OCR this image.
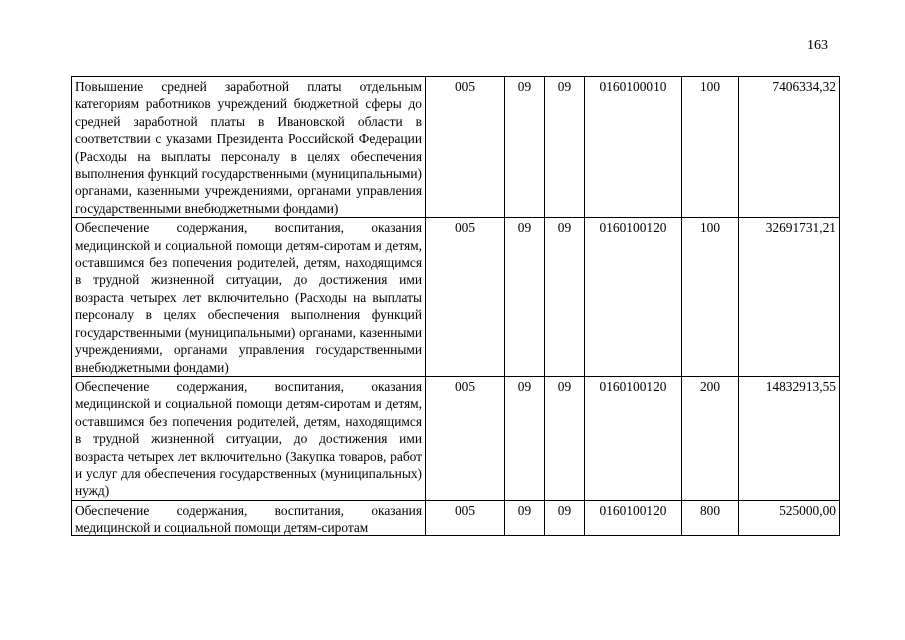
163
Повышение средней заработной платы отдельным категориям работников учреждений бюджетной сферы до средней заработной платы в Ивановской области в соответствии с указами Президента Российской Федерации (Расходы на выплаты персоналу в целях обеспечения выполнения функций государственными (муниципальными) органами, казенными учреждениями, органами управления государственными внебюджетными фондами)	005	09	09	0160100010	100	7406334,32
Обеспечение содержания, воспитания, оказания медицинской и социальной помощи детям-сиротам и детям, оставшимся без попечения родителей, детям, находящимся в трудной жизненной ситуации, до достижения ими возраста четырех лет включительно (Расходы на выплаты персоналу в целях обеспечения выполнения функций государственными (муниципальными) органами, казенными учреждениями, органами управления государственными внебюджетными фондами)	005	09	09	0160100120	100	32691731,21
Обеспечение содержания, воспитания, оказания медицинской и социальной помощи детям-сиротам и детям, оставшимся без попечения родителей, детям, находящимся в трудной жизненной ситуации, до достижения ими возраста четырех лет включительно (Закупка товаров, работ и услуг для обеспечения государственных (муниципальных) нужд)	005	09	09	0160100120	200	14832913,55

Обеспечение содержания, воспитания, оказания медицинской и социальной помощи детям-сиротам	005	09	09	0160100120	800	525000,00
